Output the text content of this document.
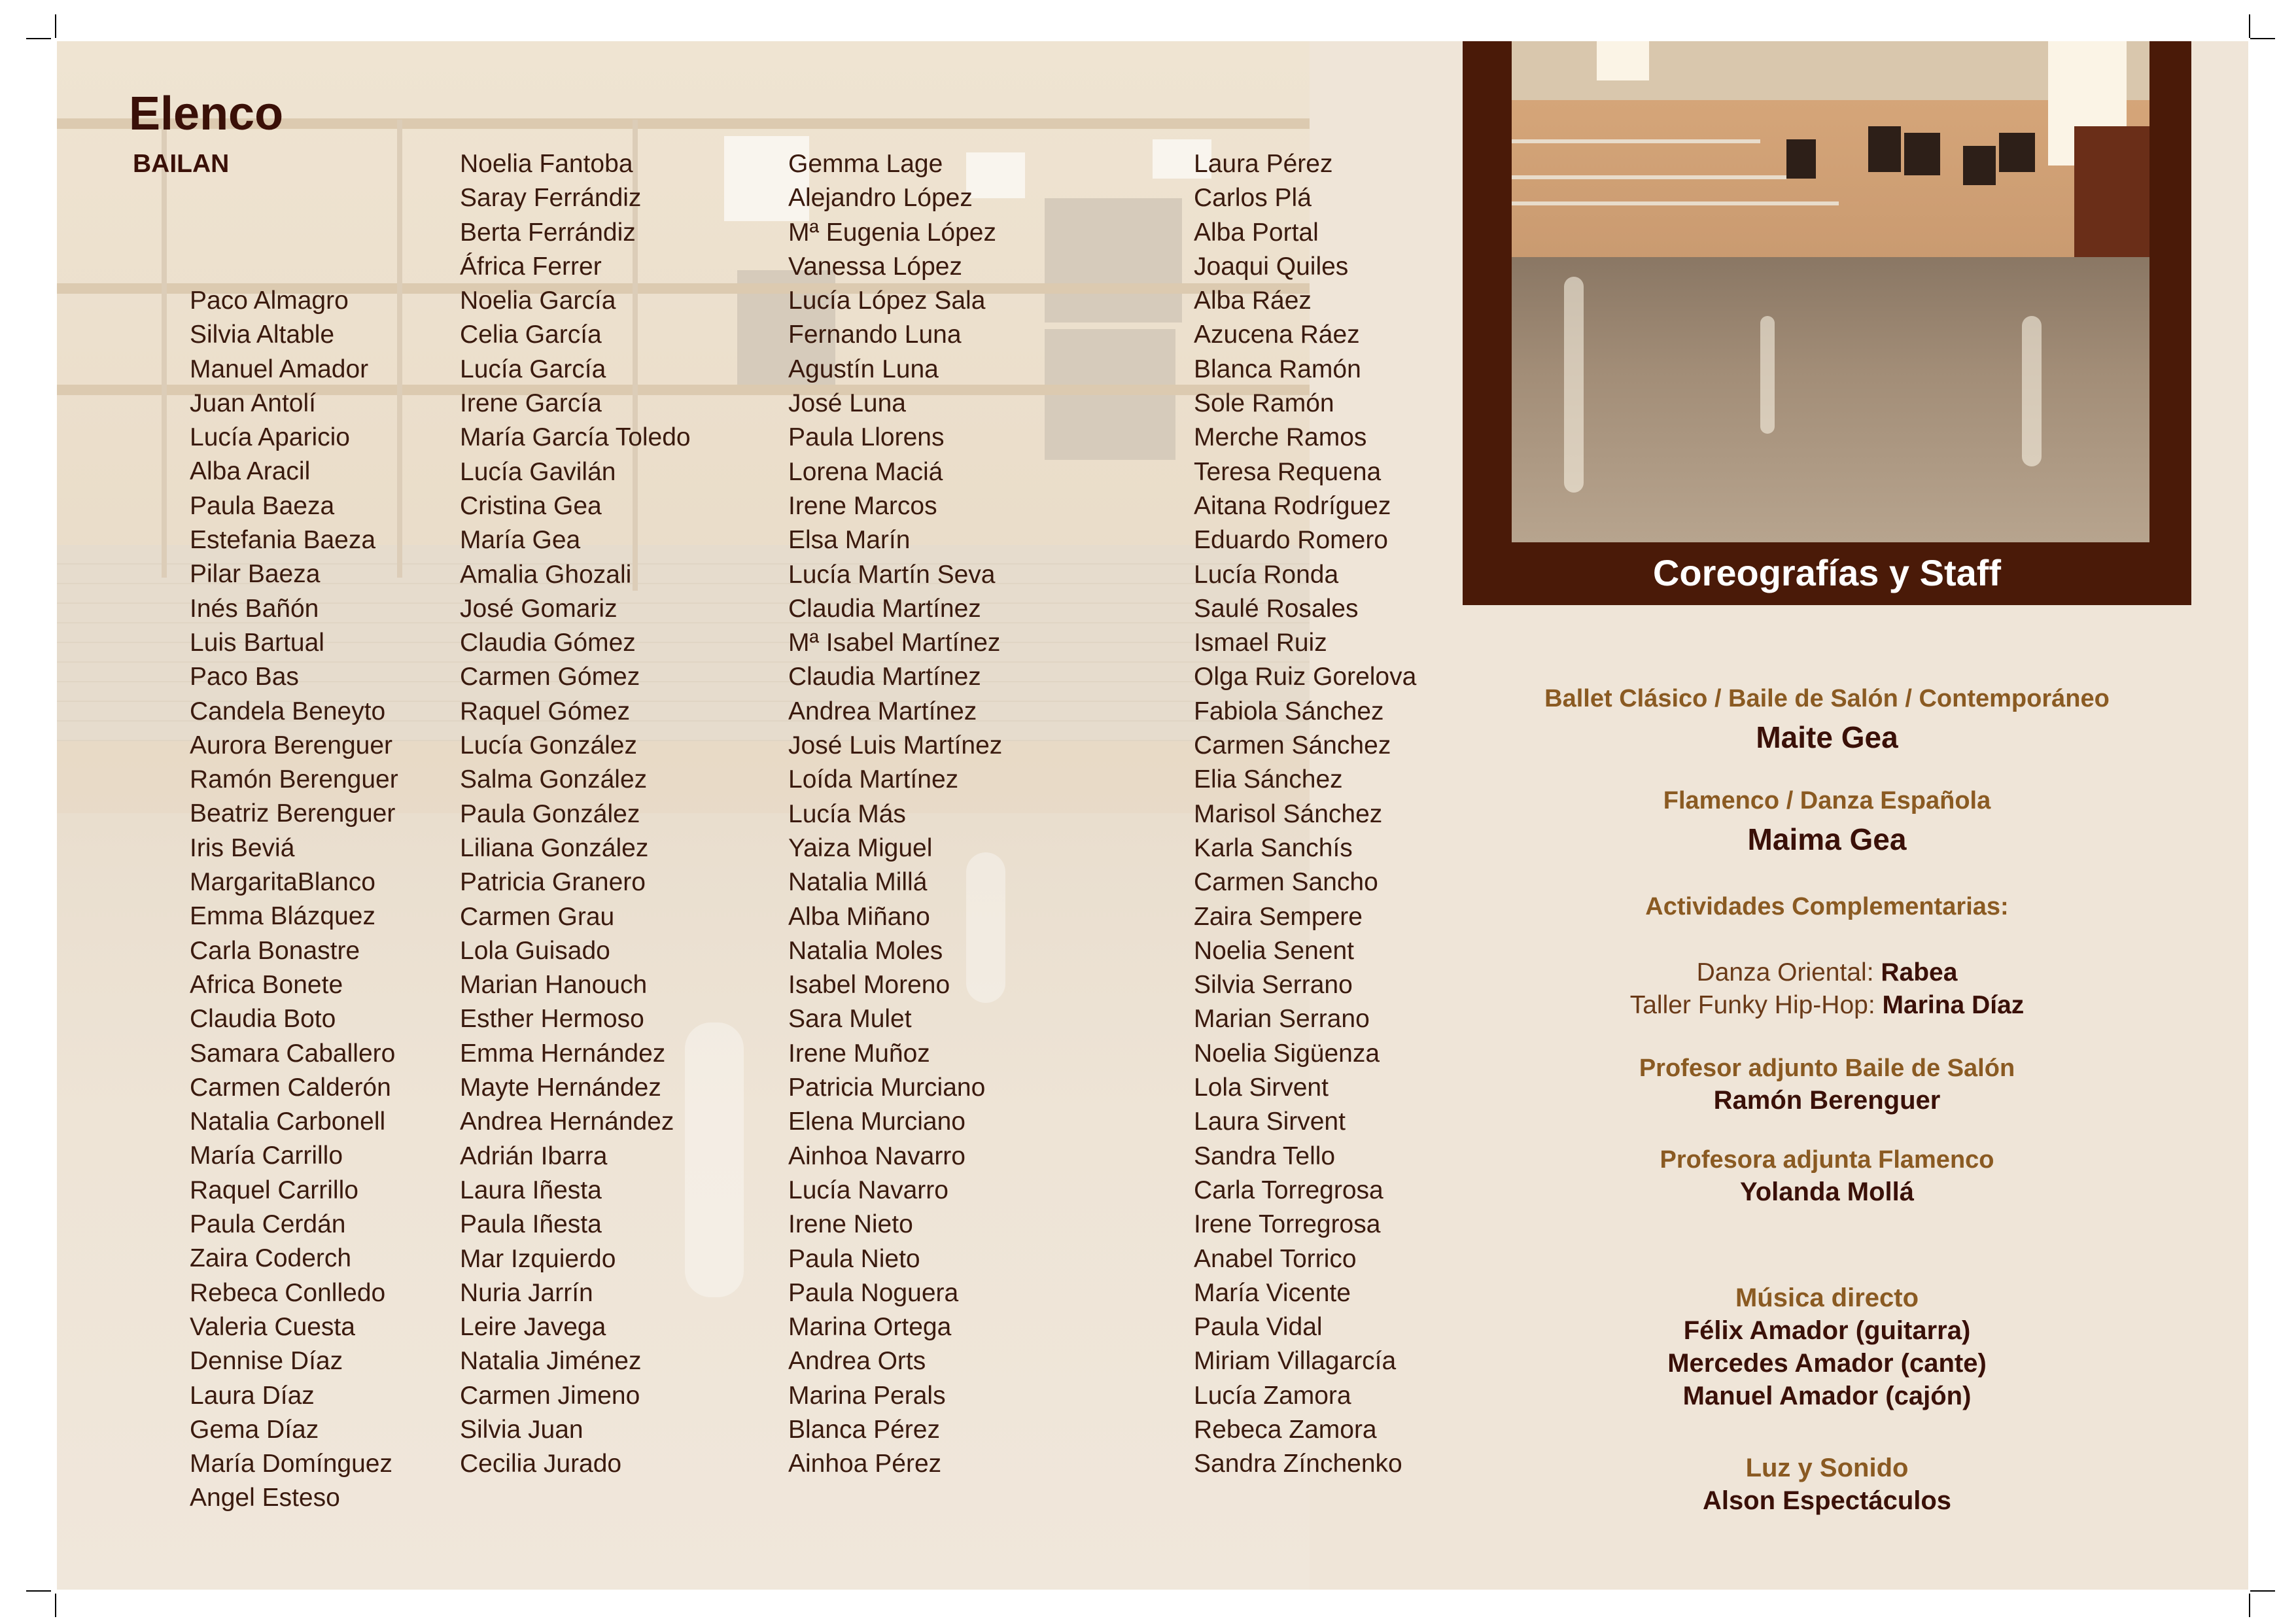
Elenco
BAILAN
Paco Almagro
Silvia Altable
Manuel Amador
Juan Antolí
Lucía Aparicio
Alba Aracil
Paula Baeza
Estefania Baeza
Pilar Baeza
Inés Bañón
Luis Bartual
Paco Bas
Candela Beneyto
Aurora Berenguer
Ramón Berenguer
Beatriz Berenguer
Iris Beviá
MargaritaBlanco
Emma Blázquez
Carla Bonastre
Africa Bonete
Claudia Boto
Samara Caballero
Carmen Calderón
Natalia Carbonell
María Carrillo
Raquel Carrillo
Paula Cerdán
Zaira Coderch
Rebeca Conlledo
Valeria Cuesta
Dennise Díaz
Laura Díaz
Gema Díaz
María Domínguez
Angel Esteso
Noelia Fantoba
Saray Ferrándiz
Berta Ferrándiz
África Ferrer
Noelia García
Celia García
Lucía García
Irene García
María García Toledo
Lucía Gavilán
Cristina Gea
María Gea
Amalia Ghozali
José Gomariz
Claudia Gómez
Carmen Gómez
Raquel Gómez
Lucía González
Salma González
Paula González
Liliana González
Patricia Granero
Carmen Grau
Lola Guisado
Marian Hanouch
Esther Hermoso
Emma Hernández
Mayte Hernández
Andrea Hernández
Adrián Ibarra
Laura Iñesta
Paula Iñesta
Mar Izquierdo
Nuria Jarrín
Leire Javega
Natalia Jiménez
Carmen Jimeno
Silvia Juan
Cecilia Jurado
Gemma Lage
Alejandro López
Mª Eugenia López
Vanessa López
Lucía López Sala
Fernando Luna
Agustín Luna
José Luna
Paula Llorens
Lorena Maciá
Irene Marcos
Elsa Marín
Lucía Martín Seva
Claudia Martínez
Mª Isabel Martínez
Claudia Martínez
Andrea Martínez
José Luis Martínez
Loída Martínez
Lucía Más
Yaiza Miguel
Natalia Millá
Alba Miñano
Natalia Moles
Isabel Moreno
Sara Mulet
Irene Muñoz
Patricia Murciano
Elena Murciano
Ainhoa Navarro
Lucía Navarro
Irene Nieto
Paula Nieto
Paula Noguera
Marina Ortega
Andrea Orts
Marina Perals
Blanca Pérez
Ainhoa Pérez
Laura Pérez
Carlos Plá
Alba Portal
Joaqui Quiles
Alba Ráez
Azucena Ráez
Blanca Ramón
Sole Ramón
Merche Ramos
Teresa Requena
Aitana Rodríguez
Eduardo Romero
Lucía Ronda
Saulé Rosales
Ismael Ruiz
Olga Ruiz Gorelova
Fabiola Sánchez
Carmen Sánchez
Elia Sánchez
Marisol Sánchez
Karla Sanchís
Carmen Sancho
Zaira Sempere
Noelia Senent
Silvia Serrano
Marian Serrano
Noelia Sigüenza
Lola Sirvent
Laura Sirvent
Sandra Tello
Carla Torregrosa
Irene Torregrosa
Anabel Torrico
María Vicente
Paula Vidal
Miriam Villagarcía
Lucía Zamora
Rebeca Zamora
Sandra Zínchenko
Coreografías y Staff
Ballet Clásico / Baile de Salón / Contemporáneo
Maite Gea
Flamenco / Danza Española
Maima Gea
Actividades Complementarias:
Danza Oriental: Rabea
Taller Funky Hip-Hop: Marina Díaz
Profesor adjunto Baile de Salón
Ramón Berenguer
Profesora adjunta Flamenco
Yolanda Mollá
Música directo
Félix Amador (guitarra)
Mercedes Amador (cante)
Manuel Amador (cajón)
Luz y Sonido
Alson Espectáculos
